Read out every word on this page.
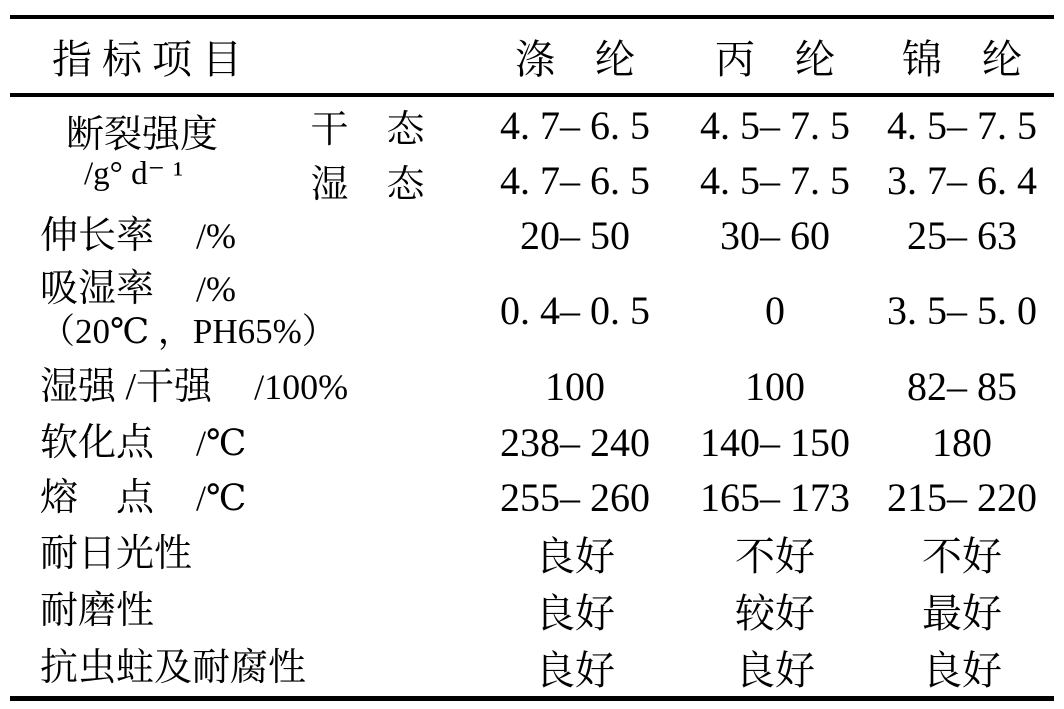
指 标 项 目		涤　纶	丙　纶	锦　纶

断裂强度
/g° d⁻ ¹	干　态	4. 7– 6. 5	4. 5– 7. 5	4. 5– 7. 5
	湿　态	4. 7– 6. 5	4. 5– 7. 5	3. 7– 6. 4
伸长率 /%		20– 50	30– 60	25– 63

吸湿率 /%
（20℃ ，PH65%）		0. 4– 0. 5	0	3. 5– 5. 0
湿强 /干强 /100%		100	100	82– 85
软化点 /℃		238– 240	140– 150	180
熔　点 /℃		255– 260	165– 173	215– 220
耐日光性		良好	不好	不好
耐磨性		良好	较好	最好
抗虫蛀及耐腐性		良好	良好	良好
